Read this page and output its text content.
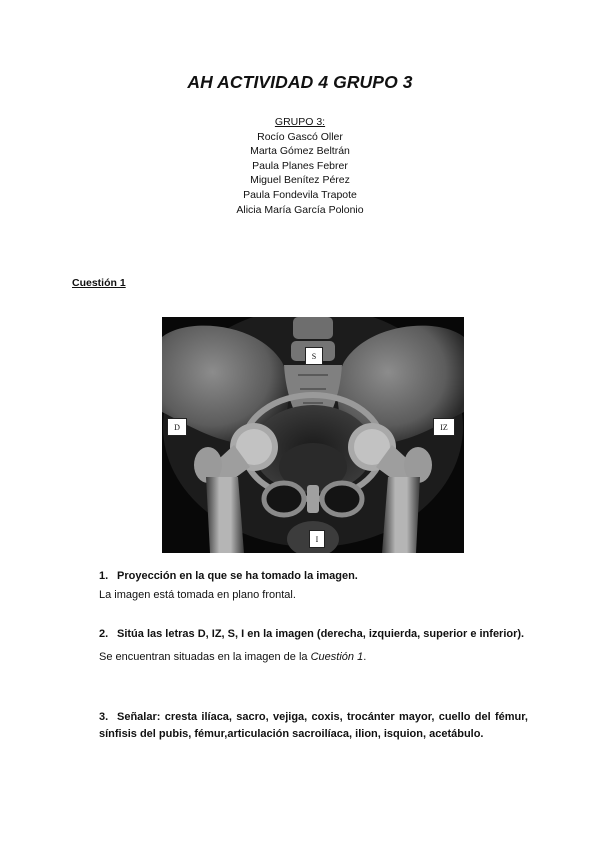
AH ACTIVIDAD 4 GRUPO 3
GRUPO 3:
Rocío Gascó Oller
Marta Gómez Beltrán
Paula Planes Febrer
Miguel Benítez Pérez
Paula Fondevila Trapote
Alicia María García Polonio
Cuestión 1
S
D	IZ
I
1. Proyección en la que se ha tomado la imagen.
La imagen está tomada en plano frontal.
2. Sitúa las letras D, IZ, S, I en la imagen (derecha, izquierda, superior e inferior).
Se encuentran situadas en la imagen de la Cuestión 1.
3. Señalar: cresta ilíaca, sacro, vejiga, coxis, trocánter mayor, cuello del fémur, sínfisis del pubis, fémur,articulación sacroilíaca, ilion, isquion, acetábulo.
